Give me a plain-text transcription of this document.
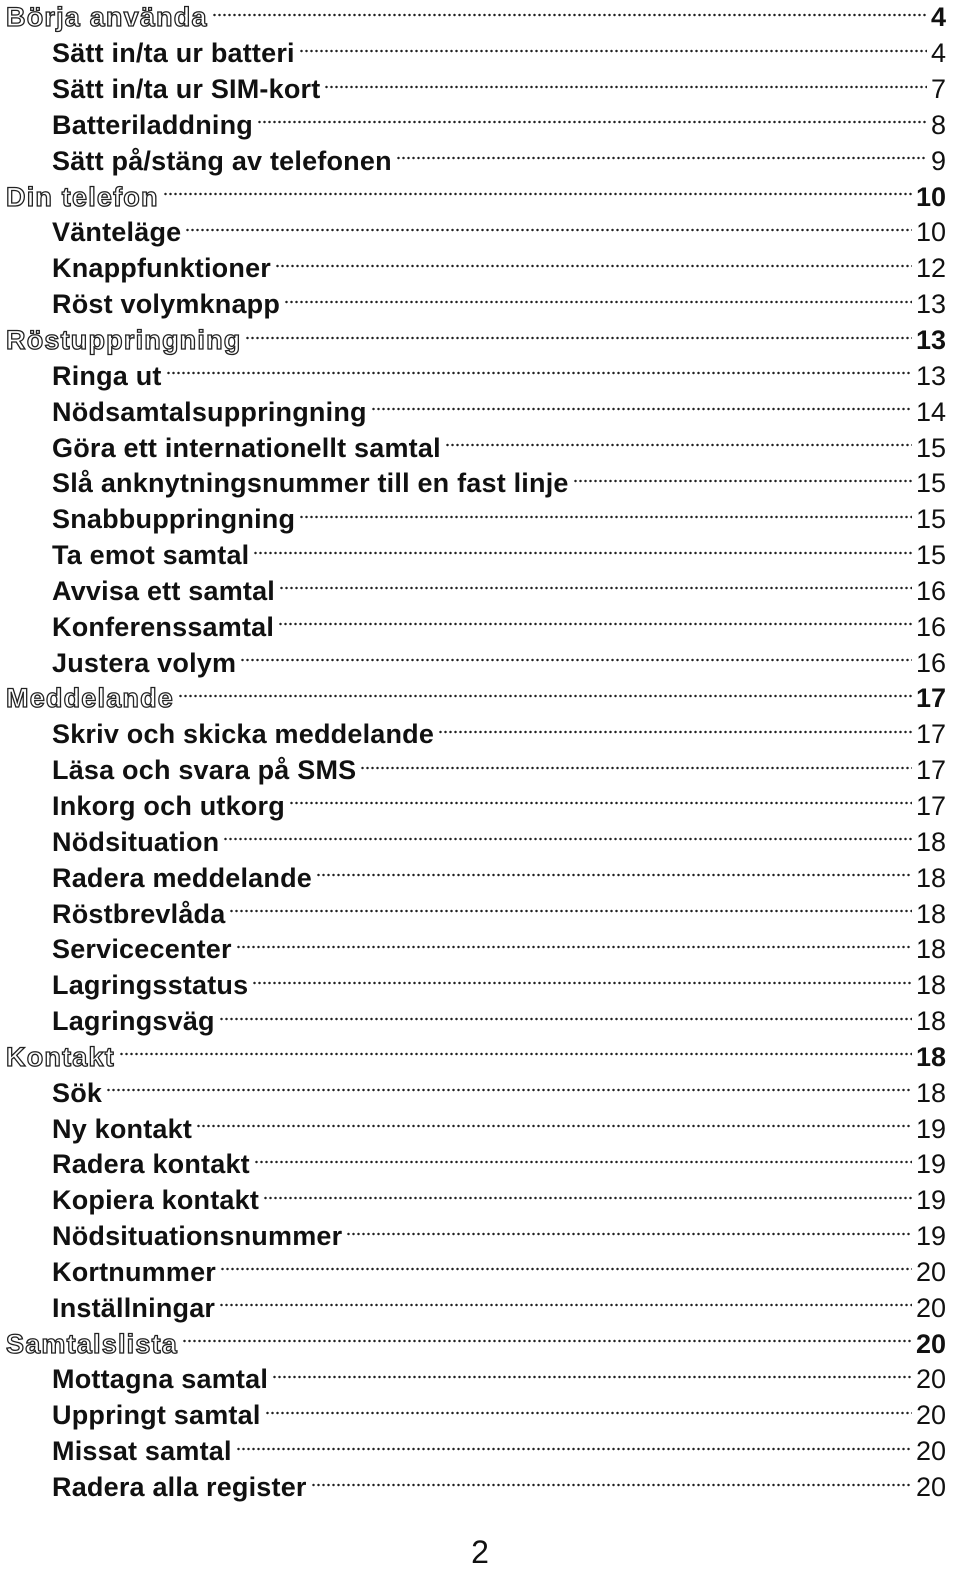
Börja använda	4
Sätt in/ta ur batteri	4
Sätt in/ta ur SIM-kort	7
Batteriladdning	8
Sätt på/stäng av telefonen	9
Din telefon	10
Vänteläge	10
Knappfunktioner	12
Röst volymknapp	13
Röstuppringning	13
Ringa ut	13
Nödsamtalsuppringning	14
Göra ett internationellt samtal	15
Slå anknytningsnummer till en fast linje	15
Snabbuppringning	15
Ta emot samtal	15
Avvisa ett samtal	16
Konferenssamtal	16
Justera volym	16
Meddelande	17
Skriv och skicka meddelande	17
Läsa och svara på SMS	17
Inkorg och utkorg	17
Nödsituation	18
Radera meddelande	18
Röstbrevlåda	18
Servicecenter	18
Lagringsstatus	18
Lagringsväg	18
Kontakt	18
Sök	18
Ny kontakt	19
Radera kontakt	19
Kopiera kontakt	19
Nödsituationsnummer	19
Kortnummer	20
Inställningar	20
Samtalslista	20
Mottagna samtal	20
Uppringt samtal	20
Missat samtal	20
Radera alla register	20
2
